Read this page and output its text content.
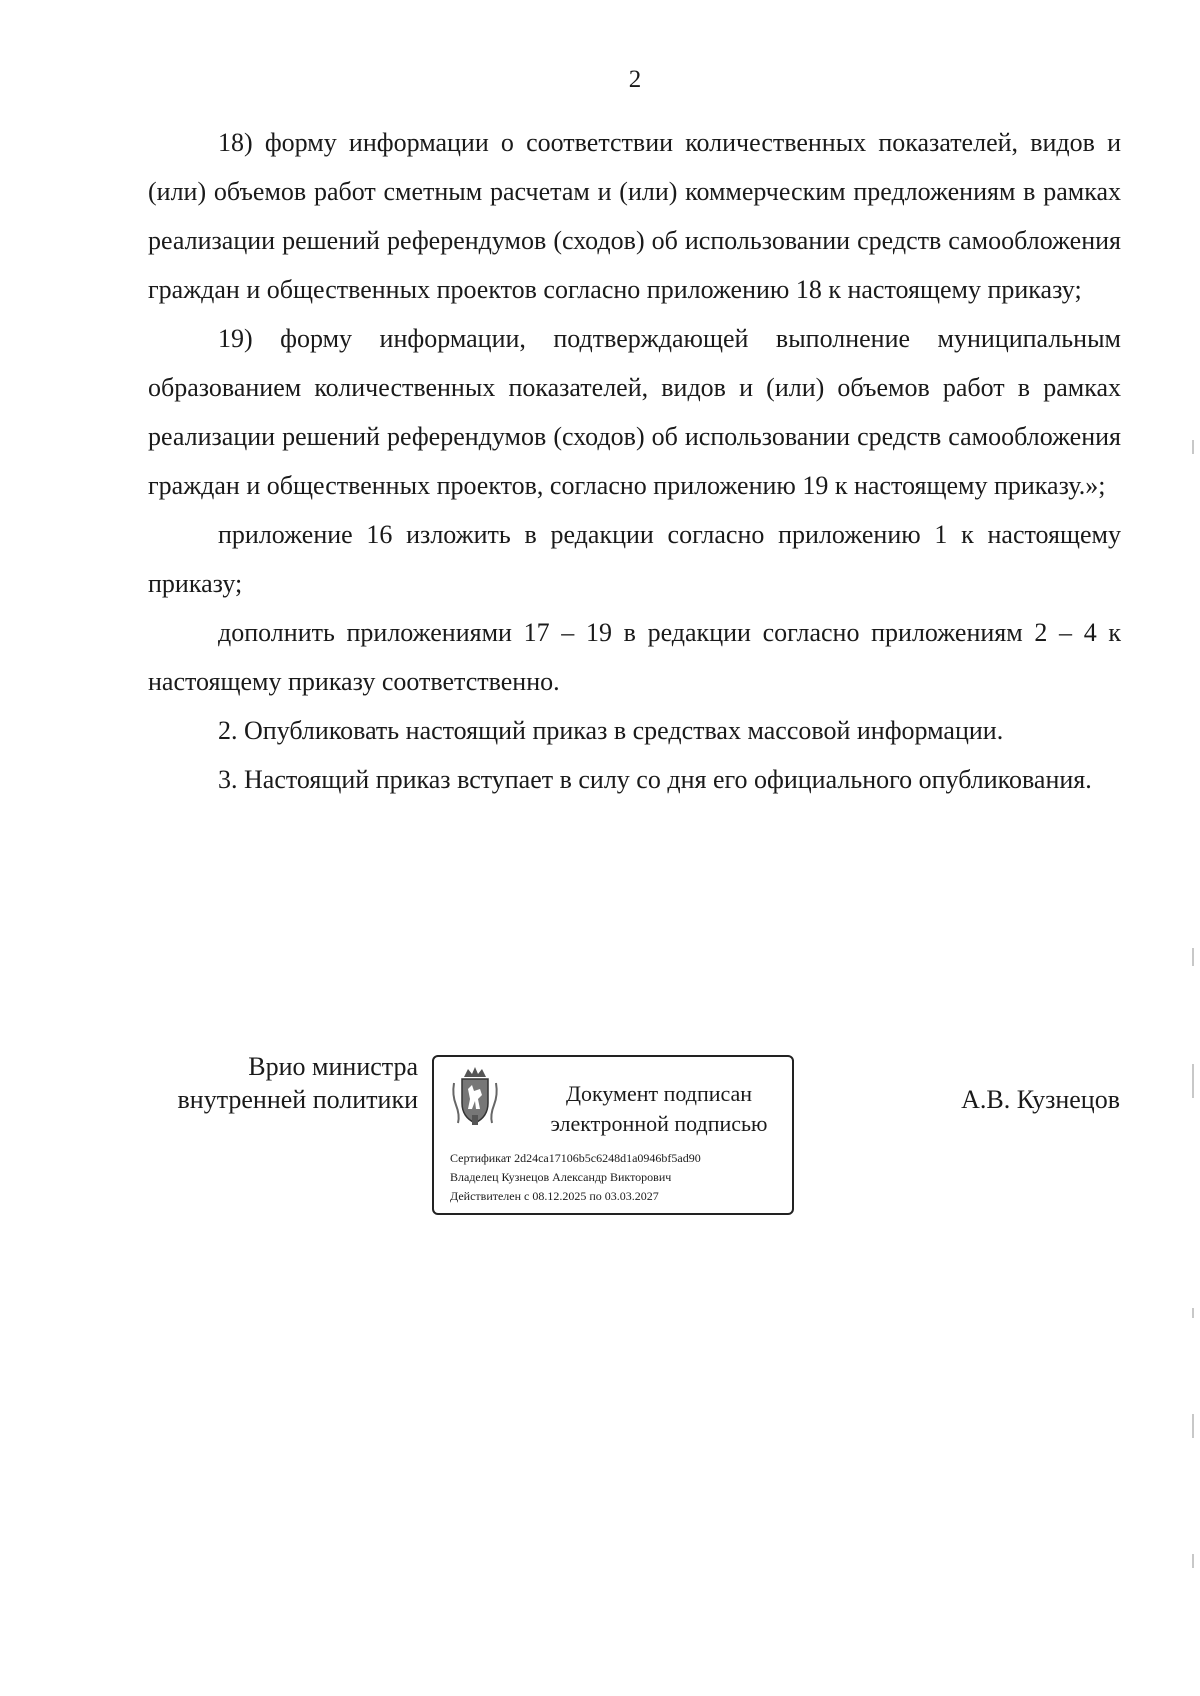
2

18) форму информации о соответствии количественных показателей, видов и (или) объемов работ сметным расчетам и (или) коммерческим предложениям в рамках реализации решений референдумов (сходов) об использовании средств самообложения граждан и общественных проектов согласно приложению 18 к настоящему приказу;

19) форму информации, подтверждающей выполнение муниципальным образованием количественных показателей, видов и (или) объемов работ в рамках реализации решений референдумов (сходов) об использовании средств самообложения граждан и общественных проектов, согласно приложению 19 к настоящему приказу.»;

приложение 16 изложить в редакции согласно приложению 1 к настоящему приказу;

дополнить приложениями 17 – 19 в редакции согласно приложениям 2 – 4 к настоящему приказу соответственно.

2. Опубликовать настоящий приказ в средствах массовой информации.

3. Настоящий приказ вступает в силу со дня его официального опубликования.

Врио министра
внутренней политики	Документ подписан
электронной подписью
Сертификат 2d24ca17106b5c6248d1a0946bf5ad90
Владелец Кузнецов Александр Викторович
Действителен с 08.12.2025 по 03.03.2027
А.В. Кузнецов
